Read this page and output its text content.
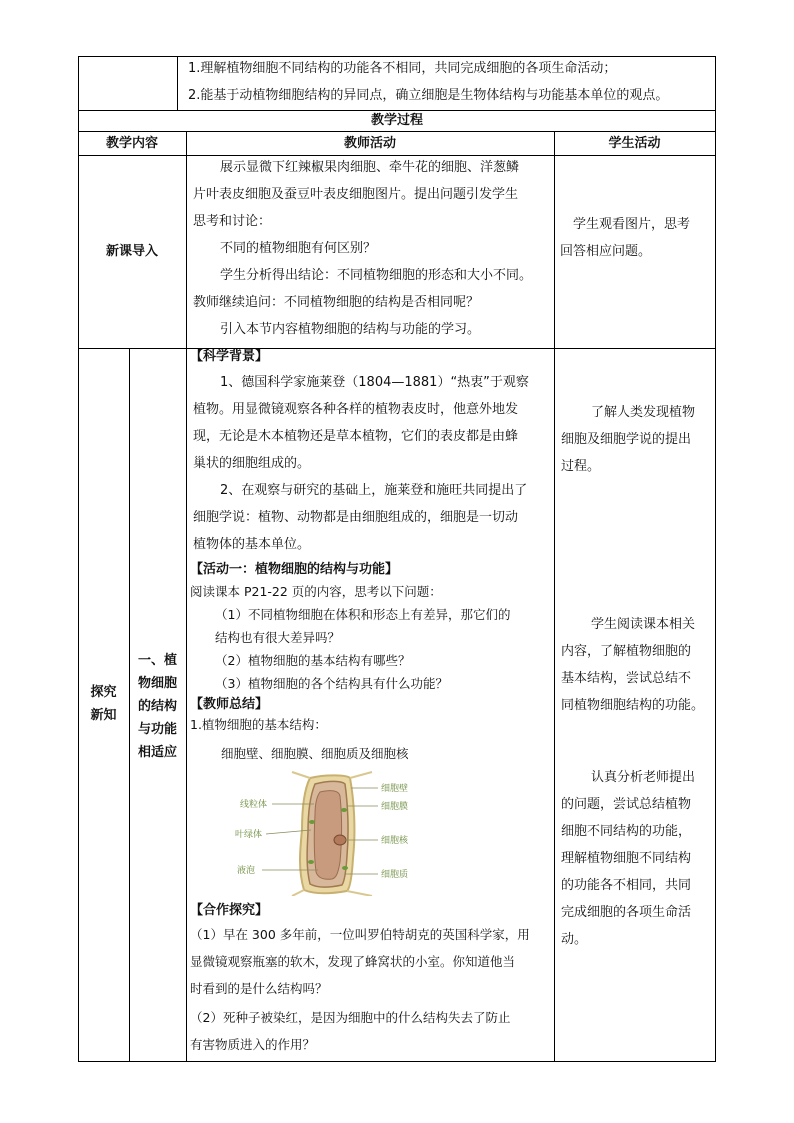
1.理解植物细胞不同结构的功能各不相同，共同完成细胞的各项生命活动；
2.能基于动植物细胞结构的异同点，确立细胞是生物体结构与功能基本单位的观点。
教学过程
教学内容	教师活动	学生活动
新课导入
展示显微下红辣椒果肉细胞、牵牛花的细胞、洋葱鳞
片叶表皮细胞及蚕豆叶表皮细胞图片。提出问题引发学生
思考和讨论：
不同的植物细胞有何区别？
学生分析得出结论：不同植物细胞的形态和大小不同。
教师继续追问：不同植物细胞的结构是否相同呢？
引入本节内容植物细胞的结构与功能的学习。
学生观看图片，思考
回答相应问题。
探究
新知
一、植
物细胞
的结构
与功能
相适应
【科学背景】
1、德国科学家施莱登（1804—1881）“热衷”于观察
植物。用显微镜观察各种各样的植物表皮时，他意外地发
现，无论是木本植物还是草本植物，它们的表皮都是由蜂
巢状的细胞组成的。
2、在观察与研究的基础上，施莱登和施旺共同提出了
细胞学说：植物、动物都是由细胞组成的，细胞是一切动
植物体的基本单位。
【活动一：植物细胞的结构与功能】
阅读课本 P21-22 页的内容，思考以下问题：
（1）不同植物细胞在体积和形态上有差异，那它们的
结构也有很大差异吗？
（2）植物细胞的基本结构有哪些？
（3）植物细胞的各个结构具有什么功能？
【教师总结】
1.植物细胞的基本结构：
细胞壁、细胞膜、细胞质及细胞核
线粒体
叶绿体
液泡
细胞壁
细胞膜
细胞核
细胞质
【合作探究】
（1）早在 300 多年前，一位叫罗伯特胡克的英国科学家，用
显微镜观察瓶塞的软木，发现了蜂窝状的小室。你知道他当
时看到的是什么结构吗？
（2）死种子被染红，是因为细胞中的什么结构失去了防止
有害物质进入的作用？
了解人类发现植物
细胞及细胞学说的提出
过程。
学生阅读课本相关
内容，了解植物细胞的
基本结构，尝试总结不
同植物细胞结构的功能。
认真分析老师提出
的问题，尝试总结植物
细胞不同结构的功能，
理解植物细胞不同结构
的功能各不相同，共同
完成细胞的各项生命活
动。
